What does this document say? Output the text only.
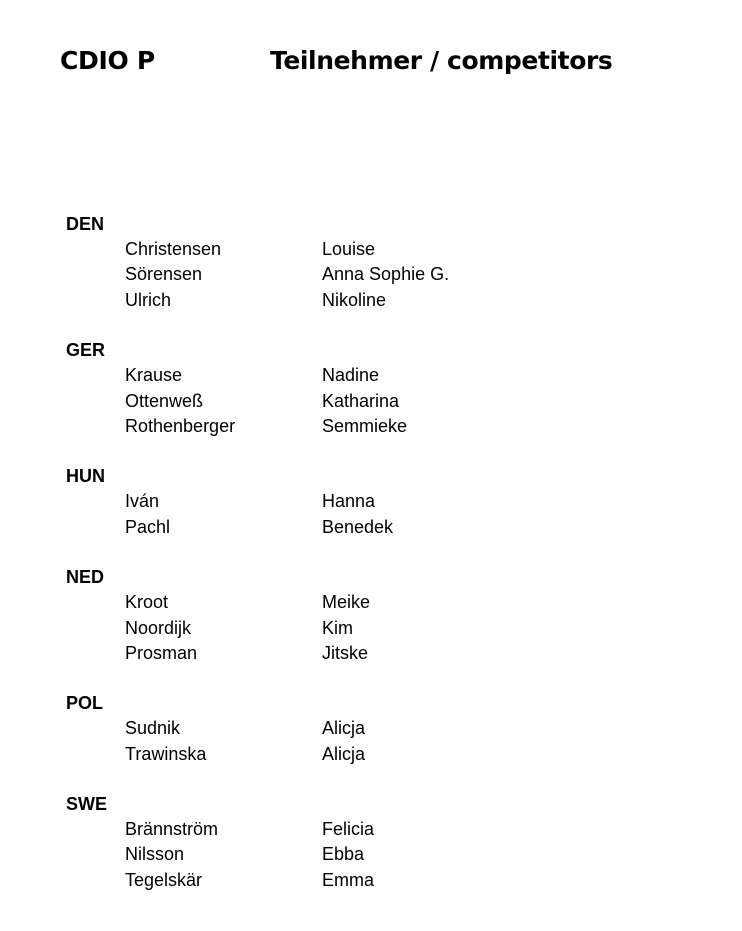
CDIO P	Teilnehmer / competitors
DEN
Christensen	Louise
Sörensen	Anna Sophie G.
Ulrich	Nikoline
GER
Krause	Nadine
Ottenweß	Katharina
Rothenberger	Semmieke
HUN
Iván	Hanna
Pachl	Benedek
NED
Kroot	Meike
Noordijk	Kim
Prosman	Jitske
POL
Sudnik	Alicja
Trawinska	Alicja
SWE
Brännström	Felicia
Nilsson	Ebba
Tegelskär	Emma
